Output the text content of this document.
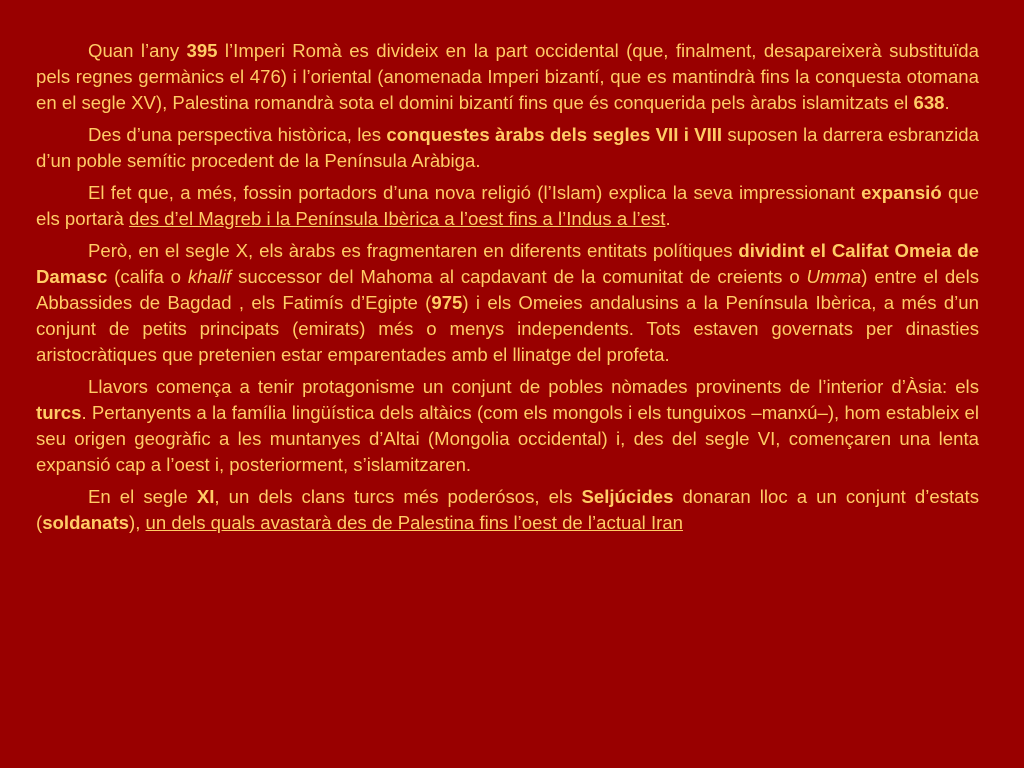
Quan l’any 395 l’Imperi Romà es divideix en la part occidental (que, finalment, desapareixerà substituïda pels regnes germànics el 476) i l’oriental (anomenada Imperi bizantí, que es mantindrà fins la conquesta otomana en el segle XV), Palestina romandrà sota el domini bizantí fins que és conquerida pels àrabs islamitzats el 638.

Des d’una perspectiva històrica, les conquestes àrabs dels segles VII i VIII suposen la darrera esbranzida d’un poble semític procedent de la Península Aràbiga.

El fet que, a més, fossin portadors d’una nova religió (l’Islam) explica la seva impressionant expansió que els portarà des d’el Magreb i la Península Ibèrica a l’oest fins a l’Indus a l’est.

Però, en el segle X, els àrabs es fragmentaren en diferents entitats polítiques dividint el Califat Omeia de Damasc (califa o khalif successor del Mahoma al capdavant de la comunitat de creients o Umma) entre el dels Abbassides de Bagdad , els Fatimís d’Egipte (975) i els Omeies andalusins a la Península Ibèrica, a més d’un conjunt de petits principats (emirats) més o menys independents. Tots estaven governats per dinasties aristocràtiques que pretenien estar emparentades amb el llinatge del profeta.

Llavors comença a tenir protagonisme un conjunt de pobles nòmades provinents de l’interior d’Àsia: els turcs. Pertanyents a la família lingüística dels altàics (com els mongols i els tunguixos –manxú–), hom estableix el seu origen geogràfic a les muntanyes d’Altai (Mongolia occidental) i, des del segle VI, començaren una lenta expansió cap a l’oest i, posteriorment, s’islamitzaren.

En el segle XI, un dels clans turcs més poderósos, els Seljúcides donaran lloc a un conjunt d’estats (soldanats), un dels quals avastarà des de Palestina fins l’oest de l’actual Iran
